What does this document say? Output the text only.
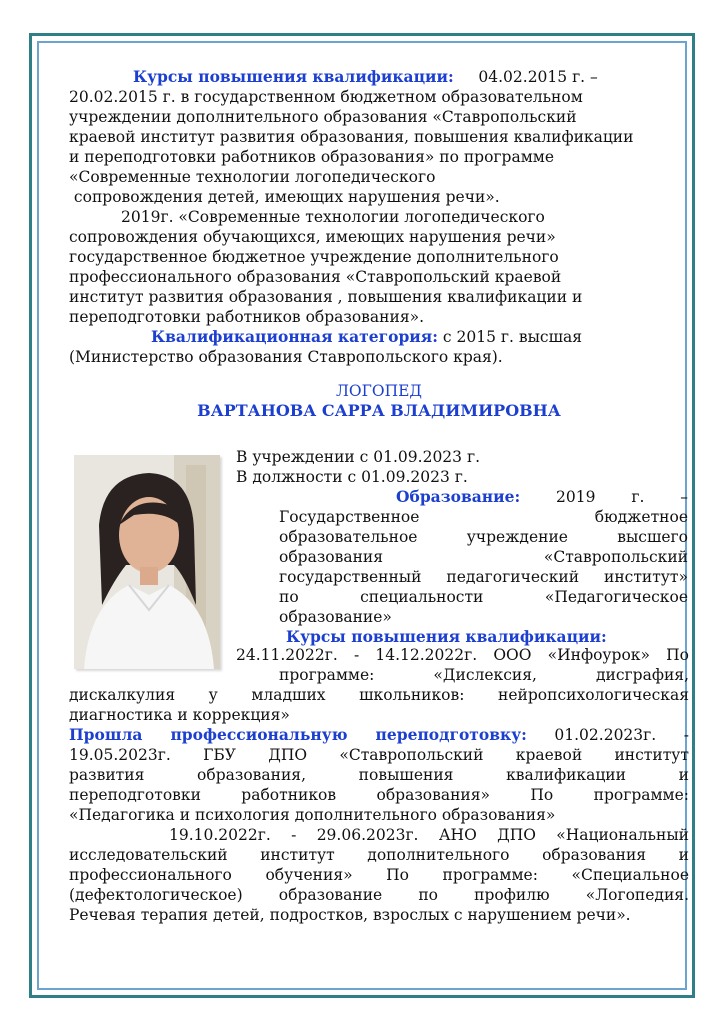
Курсы повышения квалификации: 04.02.2015 г. –

20.02.2015 г. в государственном бюджетном образовательном

учреждении дополнительного образования «Ставропольский

краевой институт развития образования, повышения квалификации

и переподготовки работников образования» по программе

«Современные технологии логопедического

сопровождения детей, имеющих нарушения речи».

2019г. «Современные технологии логопедического

сопровождения обучающихся, имеющих нарушения речи»

государственное бюджетное учреждение дополнительного

профессионального образования «Ставропольский краевой

институт развития образования , повышения квалификации и

переподготовки работников образования».

Квалификационная категория: с 2015 г. высшая

(Министерство образования Ставропольского края).

ЛОГОПЕД

ВАРТАНОВА САРРА ВЛАДИМИРОВНА

В учреждении с 01.09.2023 г.

В должности с 01.09.2023 г.

Образование: 2019 г. –

Государственное бюджетное

образовательное учреждение высшего

образования «Ставропольский

государственный педагогический институт»

по специальности «Педагогическое

образование»

Курсы повышения квалификации:

24.11.2022г. - 14.12.2022г. ООО «Инфоурок» По

программе: «Дислексия, дисграфия,

дискалкулия у младших школьников: нейропсихологическая

диагностика и коррекция»

Прошла профессиональную переподготовку: 01.02.2023г. -

19.05.2023г. ГБУ ДПО «Ставропольский краевой институт

развития образования, повышения квалификации и

переподготовки работников образования» По программе:

«Педагогика и психология дополнительного образования»

19.10.2022г. - 29.06.2023г. АНО ДПО «Национальный

исследовательский институт дополнительного образования и

профессионального обучения» По программе: «Специальное

(дефектологическое) образование по профилю «Логопедия.

Речевая терапия детей, подростков, взрослых с нарушением речи».
